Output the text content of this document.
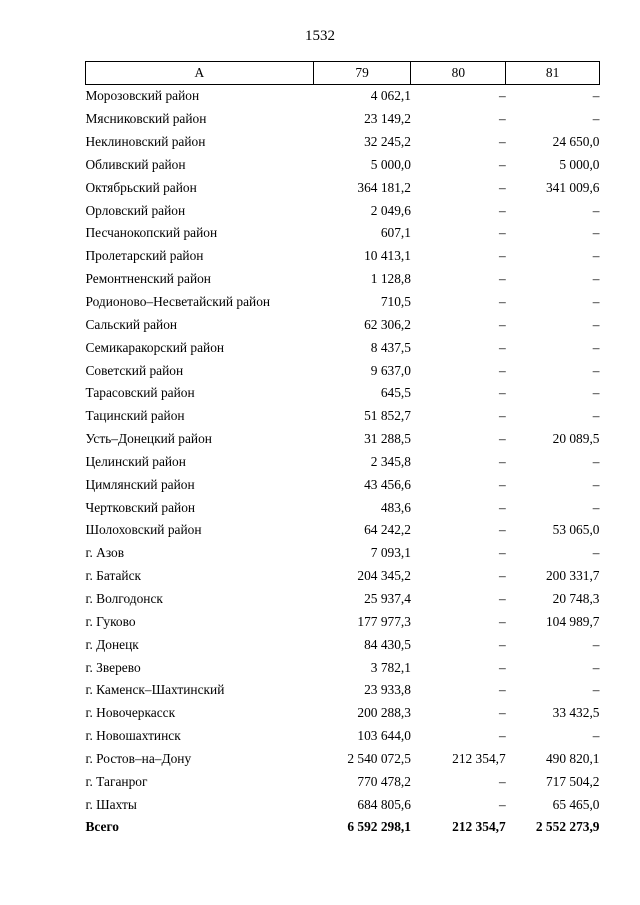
1532
А	79	80	81
Морозовский район	4 062,1	–	–
Мясниковский район	23 149,2	–	–
Неклиновский район	32 245,2	–	24 650,0
Обливский район	5 000,0	–	5 000,0
Октябрьский район	364 181,2	–	341 009,6
Орловский район	2 049,6	–	–
Песчанокопский район	607,1	–	–
Пролетарский район	10 413,1	–	–
Ремонтненский район	1 128,8	–	–
Родионово–Несветайский район	710,5	–	–
Сальский район	62 306,2	–	–
Семикаракорский район	8 437,5	–	–
Советский район	9 637,0	–	–
Тарасовский район	645,5	–	–
Тацинский район	51 852,7	–	–
Усть–Донецкий район	31 288,5	–	20 089,5
Целинский район	2 345,8	–	–
Цимлянский район	43 456,6	–	–
Чертковский район	483,6	–	–
Шолоховский район	64 242,2	–	53 065,0
г. Азов	7 093,1	–	–
г. Батайск	204 345,2	–	200 331,7
г. Волгодонск	25 937,4	–	20 748,3
г. Гуково	177 977,3	–	104 989,7
г. Донецк	84 430,5	–	–
г. Зверево	3 782,1	–	–
г. Каменск–Шахтинский	23 933,8	–	–
г. Новочеркасск	200 288,3	–	33 432,5
г. Новошахтинск	103 644,0	–	–
г. Ростов–на–Дону	2 540 072,5	212 354,7	490 820,1
г. Таганрог	770 478,2	–	717 504,2
г. Шахты	684 805,6	–	65 465,0
Всего	6 592 298,1	212 354,7	2 552 273,9
